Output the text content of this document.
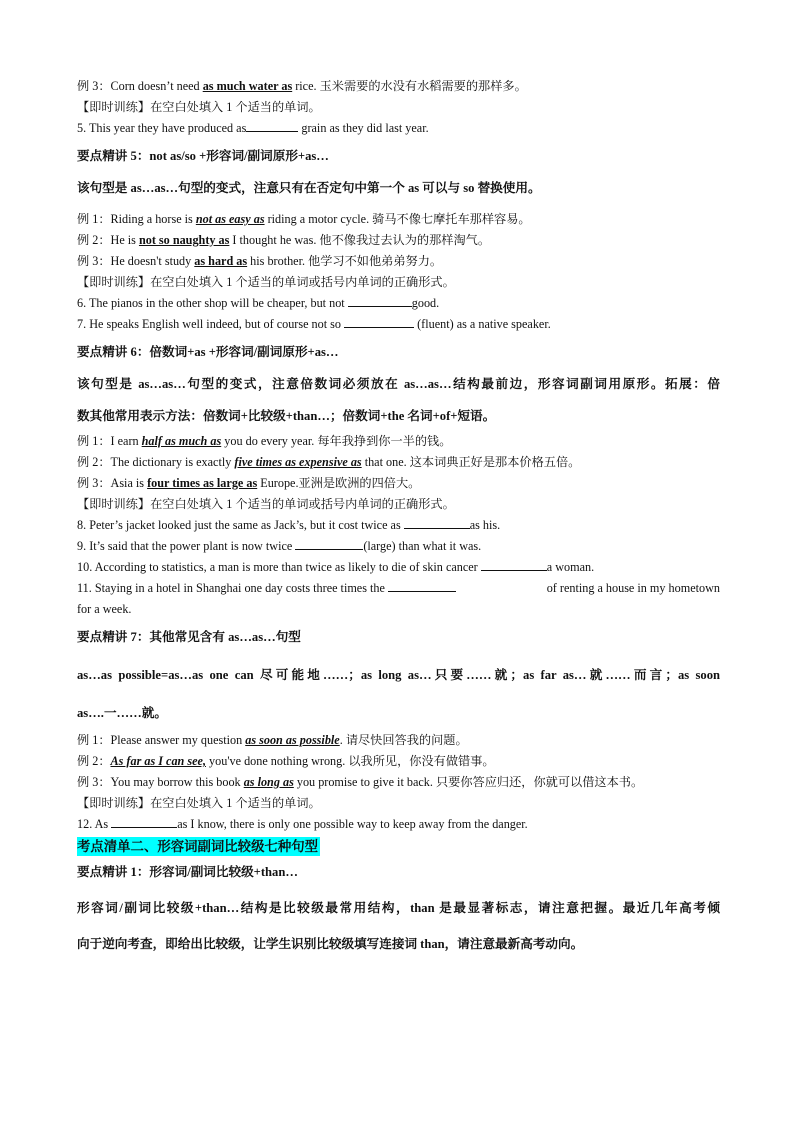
例 3：Corn doesn’t need as much water as rice. 玉米需要的水没有水稻需要的那样多。
【即时训练】在空白处填入 1 个适当的单词。
5. This year they have produced as	grain as they did last year.
要点精讲 5：not as/so +形容词/副词原形+as…
该句型是 as…as…句型的变式，注意只有在否定句中第一个 as 可以与 so 替换使用。
例 1：Riding a horse is not as easy as riding a motor cycle. 骑马不像七摩托车那样容易。
例 2：He is not so naughty as I thought he was. 他不像我过去认为的那样淘气。
例 3：He doesn't study as hard as his brother. 他学习不如他弟弟努力。
【即时训练】在空白处填入 1 个适当的单词或括号内单词的正确形式。
6. The pianos in the other shop will be cheaper, but not	good.
7. He speaks English well indeed, but of course not so	(fluent) as a native speaker.
要点精讲 6：倍数词+as +形容词/副词原形+as…
该句型是 as…as…句型的变式，注意倍数词必须放在 as…as…结构最前边，形容词副词用原形。拓展：倍
数其他常用表示方法：倍数词+比较级+than…；倍数词+the 名词+of+短语。
例 1：I earn half as much as you do every year. 每年我挣到你一半的钱。
例 2：The dictionary is exactly five times as expensive as that one. 这本词典正好是那本价格五倍。
例 3：Asia is four times as large as Europe.亚洲是欧洲的四倍大。
【即时训练】在空白处填入 1 个适当的单词或括号内单词的正确形式。
8. Peter’s jacket looked just the same as Jack’s, but it cost twice as	as his.
9. It’s said that the power plant is now twice	(large) than what it was.
10. According to statistics, a man is more than twice as likely to die of skin cancer	a woman.
11. Staying in a hotel in Shanghai one day costs three times the	of renting a house in my hometown
for a week.
要点精讲 7：其他常见含有 as…as…句型
as…as possible=as…as one can 尽可能地……；as long as…只要……就；as far as…就……而言；as soon
as….一……就。
例 1：Please answer my question as soon as possible. 请尽快回答我的问题。
例 2：As far as I can see, you've done nothing wrong. 以我所见，你没有做错事。
例 3：You may borrow this book as long as you promise to give it back. 只要你答应归还，你就可以借这本书。
【即时训练】在空白处填入 1 个适当的单词。
12. As	as I know, there is only one possible way to keep away from the danger.
考点清单二、形容词副词比较级七种句型
要点精讲 1：形容词/副词比较级+than…
形容词/副词比较级+than…结构是比较级最常用结构，than 是最显著标志，请注意把握。最近几年高考倾
向于逆向考查，即给出比较级，让学生识别比较级填写连接词 than，请注意最新高考动向。
